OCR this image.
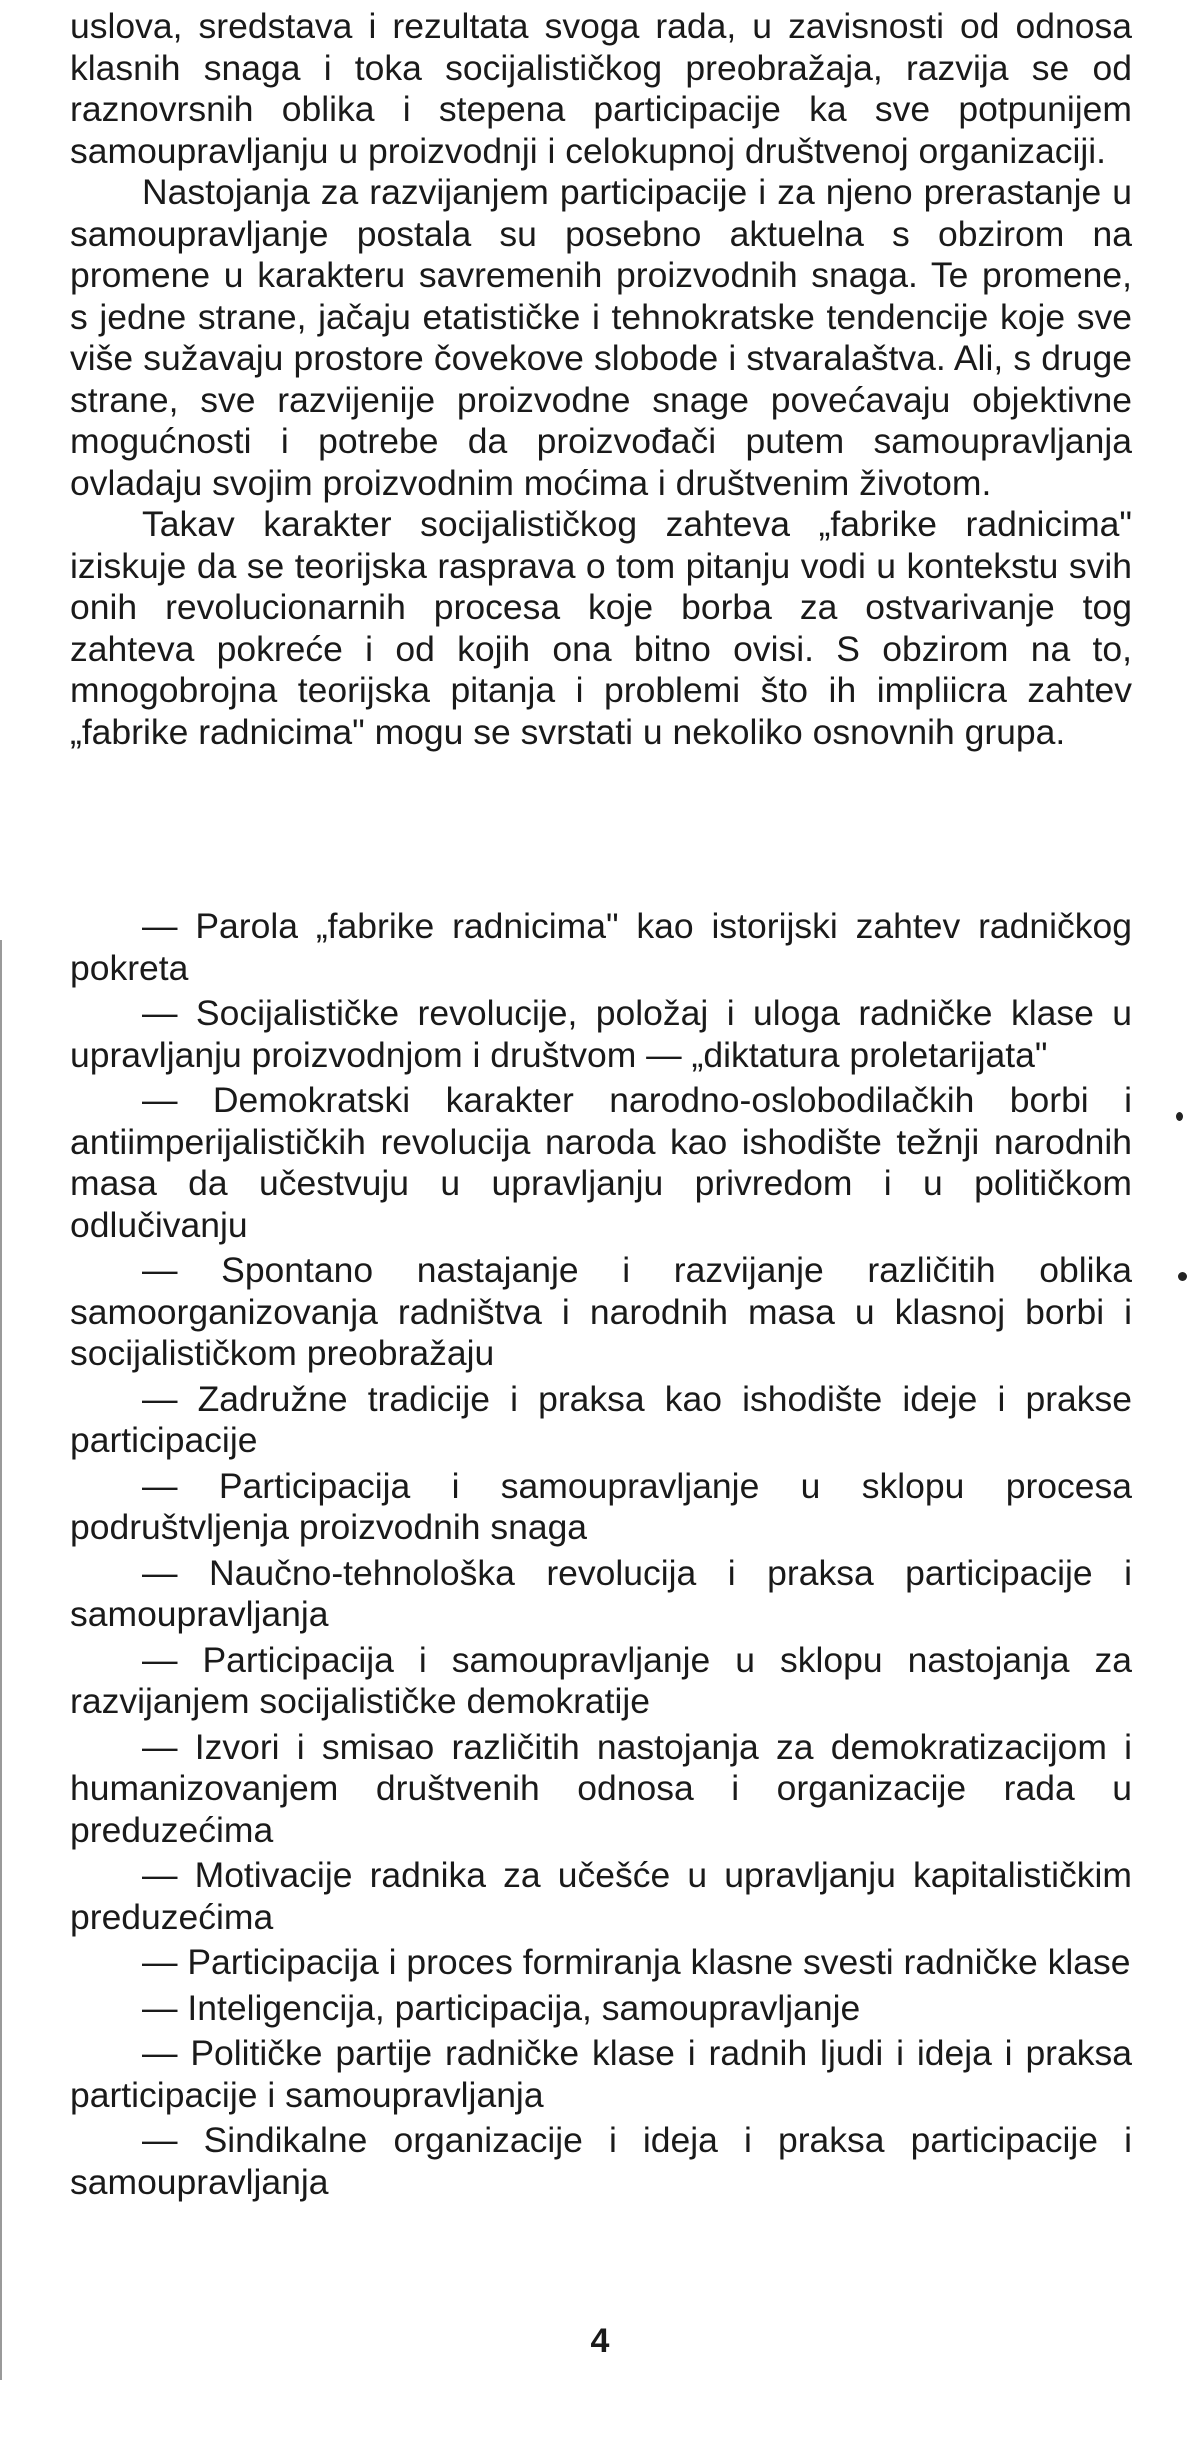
uslova, sredstava i rezultata svoga rada, u zavisnosti od odnosa klasnih snaga i toka socijalističkog preobražaja, razvija se od raznovrsnih oblika i stepena participacije ka sve potpunijem samoupravljanju u proizvodnji i celokupnoj društvenoj organizaciji.

Nastojanja za razvijanjem participacije i za njeno prerastanje u samoupravljanje postala su posebno aktuelna s obzirom na promene u karakteru savremenih proizvodnih snaga. Te promene, s jedne strane, jačaju etatističke i tehnokratske tendencije koje sve više sužavaju prostore čovekove slobode i stvaralaštva. Ali, s druge strane, sve razvijenije proizvodne snage povećavaju objektivne mogućnosti i potrebe da proizvođači putem samoupravljanja ovladaju svojim proizvodnim moćima i društvenim životom.

Takav karakter socijalističkog zahteva „fabrike radnicima" iziskuje da se teorijska rasprava o tom pitanju vodi u kontekstu svih onih revolucionarnih procesa koje borba za ostvarivanje tog zahteva pokreće i od kojih ona bitno ovisi. S obzirom na to, mnogobrojna teorijska pitanja i problemi što ih impliicra zahtev „fabrike radnicima" mogu se svrstati u nekoliko osnovnih grupa.

— Parola „fabrike radnicima" kao istorijski zahtev radničkog pokreta

— Socijalističke revolucije, položaj i uloga radničke klase u upravljanju proizvodnjom i društvom — „diktatura proletarijata"

— Demokratski karakter narodno-oslobodilačkih borbi i antiimperijalističkih revolucija naroda kao ishodište težnji narodnih masa da učestvuju u upravljanju privredom i u političkom odlučivanju

— Spontano nastajanje i razvijanje različitih oblika samoorganizovanja radništva i narodnih masa u klasnoj borbi i socijalističkom preobražaju

— Zadružne tradicije i praksa kao ishodište ideje i prakse participacije

— Participacija i samoupravljanje u sklopu procesa podruštvljenja proizvodnih snaga

— Naučno-tehnološka revolucija i praksa participacije i samoupravljanja

— Participacija i samoupravljanje u sklopu nastojanja za razvijanjem socijalističke demokratije

— Izvori i smisao različitih nastojanja za demokratizacijom i humanizovanjem društvenih odnosa i organizacije rada u preduzećima

— Motivacije radnika za učešće u upravljanju kapitalističkim preduzećima

— Participacija i proces formiranja klasne svesti radničke klase

— Inteligencija, participacija, samoupravljanje

— Političke partije radničke klase i radnih ljudi i ideja i praksa participacije i samoupravljanja

— Sindikalne organizacije i ideja i praksa participacije i samoupravljanja

4
